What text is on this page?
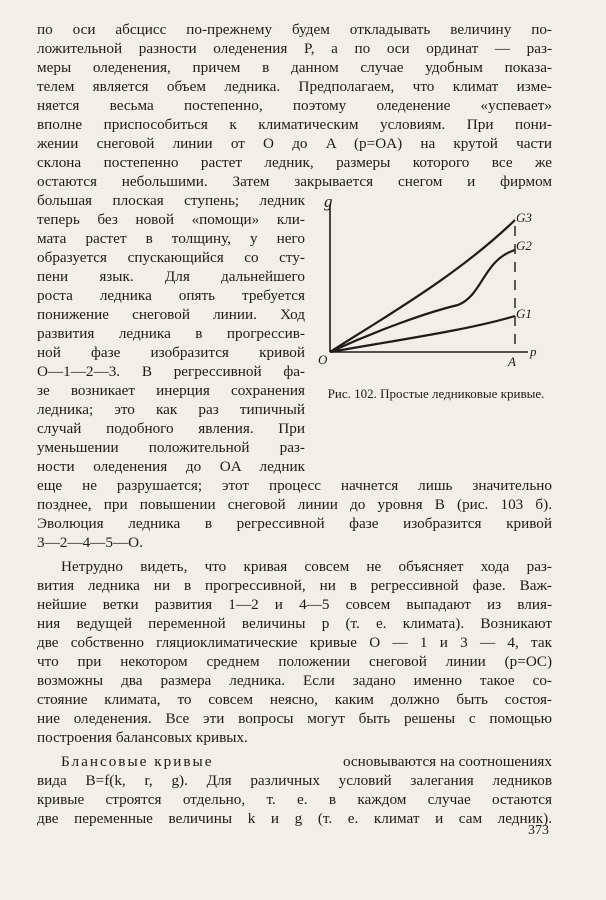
по оси абсцисс по-прежнему будем откладывать величину по-
ложительной разности оледенения P, а по оси ординат — раз-
меры оледенения, причем в данном случае удобным показа-
телем является объем ледника. Предполагаем, что климат изме-
няется весьма постепенно, поэтому оледенение «успевает»
вполне приспособиться к климатическим условиям. При пони-
жении снеговой линии от O до A (p=OA) на крутой части
склона постепенно растет ледник, размеры которого все же
остаются небольшими. Затем закрывается снегом и фирмом
большая плоская ступень; ледник
теперь без новой «помощи» кли-
мата растет в толщину, у него
образуется спускающийся со сту-
пени язык. Для дальнейшего
роста ледника опять требуется
понижение снеговой линии. Ход
развития ледника в прогрессив-
ной фазе изобразится кривой
O—1—2—3. В регрессивной фа-
зе возникает инерция сохранения
ледника; это как раз типичный
случай подобного явления. При
уменьшении положительной раз-
ности оледенения до OA ледник
еще не разрушается; этот процесс начнется лишь значительно
позднее, при повышении снеговой линии до уровня B (рис. 103 б).
Эволюция ледника в регрессивной фазе изобразится кривой
3—2—4—5—O.
Нетрудно видеть, что кривая совсем не объясняет хода раз-
вития ледника ни в прогрессивной, ни в регрессивной фазе. Важ-
нейшие ветки развития 1—2 и 4—5 совсем выпадают из влия-
ния ведущей переменной величины p (т. е. климата). Возникают
две собственно гляциоклиматические кривые O — 1 и 3 — 4, так
что при некотором среднем положении снеговой линии (p=OC)
возможны два размера ледника. Если задано именно такое со-
стояние климата, то совсем неясно, каким должно быть состоя-
ние оледенения. Все эти вопросы могут быть решены с помощью
построения балансовых кривых.
Бланcовые кривые	основываются на соотношениях
вида B=f(k, r, g). Для различных условий залегания ледников
кривые строятся отдельно, т. е. в каждом случае остаются
две переменные величины k и g (т. е. климат и сам ледник).
g
G3
G2
G1
O	A
p
Рис. 102. Простые ледниковые кривые.
373
